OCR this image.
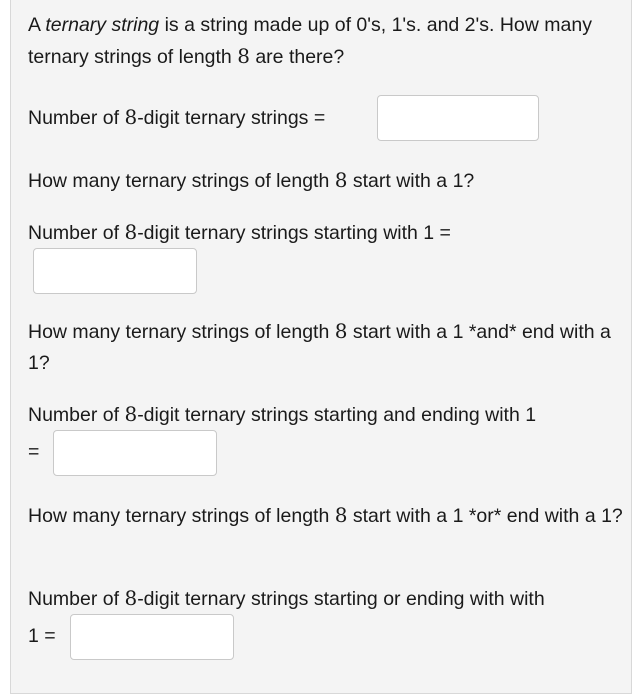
A ternary string is a string made up of 0's, 1's. and 2's. How many ternary strings of length 8 are there?

Number of 8-digit ternary strings =

How many ternary strings of length 8 start with a 1?

Number of 8-digit ternary strings starting with 1 =

How many ternary strings of length 8 start with a 1 *and* end with a 1?

Number of 8-digit ternary strings starting and ending with 1

=

How many ternary strings of length 8 start with a 1 *or* end with a 1?

Number of 8-digit ternary strings starting or ending with with

1 =
